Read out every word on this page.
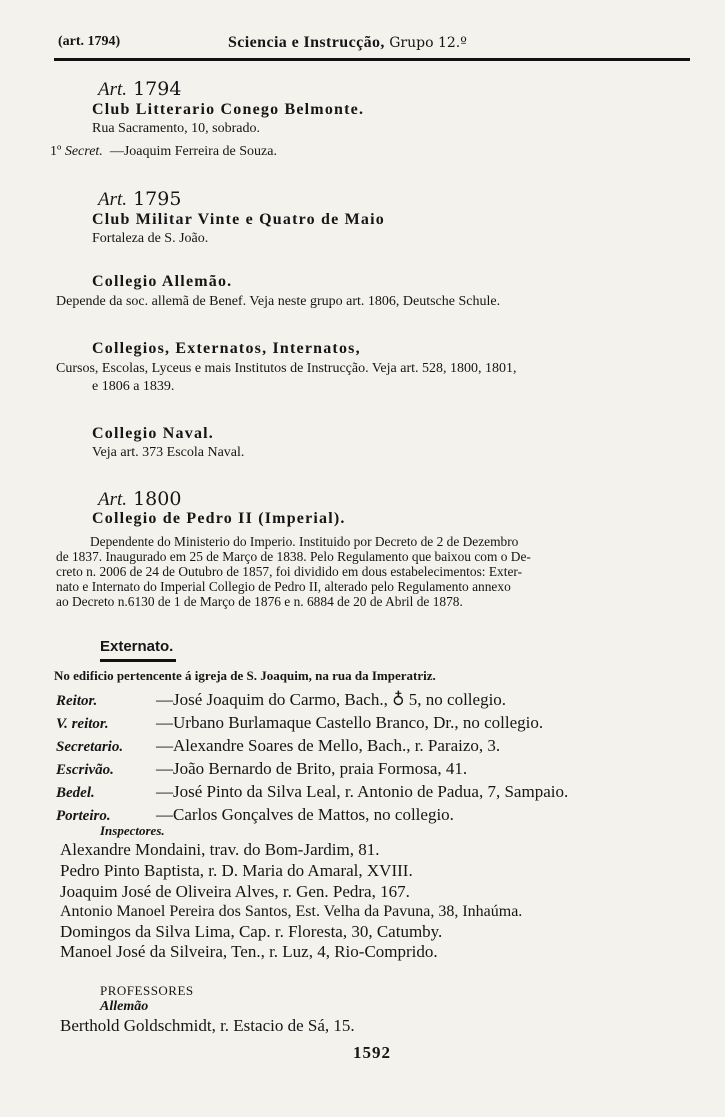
(art. 1794)	Sciencia e Instrucção, Grupo 12.º
Art. 1794
Club Litterario Conego Belmonte.
Rua Sacramento, 10, sobrado.
1º Secret. —Joaquim Ferreira de Souza.
Art. 1795
Club Militar Vinte e Quatro de Maio
Fortaleza de S. João.
Collegio Allemão.
Depende da soc. allemã de Benef. Veja neste grupo art. 1806, Deutsche Schule.
Collegios, Externatos, Internatos,
Cursos, Escolas, Lyceus e mais Institutos de Instrucção. Veja art. 528, 1800, 1801,
e 1806 a 1839.
Collegio Naval.
Veja art. 373 Escola Naval.
Art. 1800
Collegio de Pedro II (Imperial).
Dependente do Ministerio do Imperio. Instituido por Decreto de 2 de Dezembro
de 1837. Inaugurado em 25 de Março de 1838. Pelo Regulamento que baixou com o De-
creto n. 2006 de 24 de Outubro de 1857, foi dividido em dous estabelecimentos: Exter-
nato e Internato do Imperial Collegio de Pedro II, alterado pelo Regulamento annexo
ao Decreto n.6130 de 1 de Março de 1876 e n. 6884 de 20 de Abril de 1878.
Externato.
No edificio pertencente á igreja de S. Joaquim, na rua da Imperatriz.
Reitor.	—José Joaquim do Carmo, Bach., ♁ 5, no collegio.
V. reitor.	—Urbano Burlamaque Castello Branco, Dr., no collegio.
Secretario. —Alexandre Soares de Mello, Bach., r. Paraizo, 3.
Escrivão. —João Bernardo de Brito, praia Formosa, 41.
Bedel.	—José Pinto da Silva Leal, r. Antonio de Padua, 7, Sampaio.
Porteiro.	—Carlos Gonçalves de Mattos, no collegio.
Inspectores.
Alexandre Mondaini, trav. do Bom-Jardim, 81.
Pedro Pinto Baptista, r. D. Maria do Amaral, XVIII.
Joaquim José de Oliveira Alves, r. Gen. Pedra, 167.
Antonio Manoel Pereira dos Santos, Est. Velha da Pavuna, 38, Inhaúma.
Domingos da Silva Lima, Cap. r. Floresta, 30, Catumby.
Manoel José da Silveira, Ten., r. Luz, 4, Rio-Comprido.
PROFESSORES
Allemão
Berthold Goldschmidt, r. Estacio de Sá, 15.
1592
